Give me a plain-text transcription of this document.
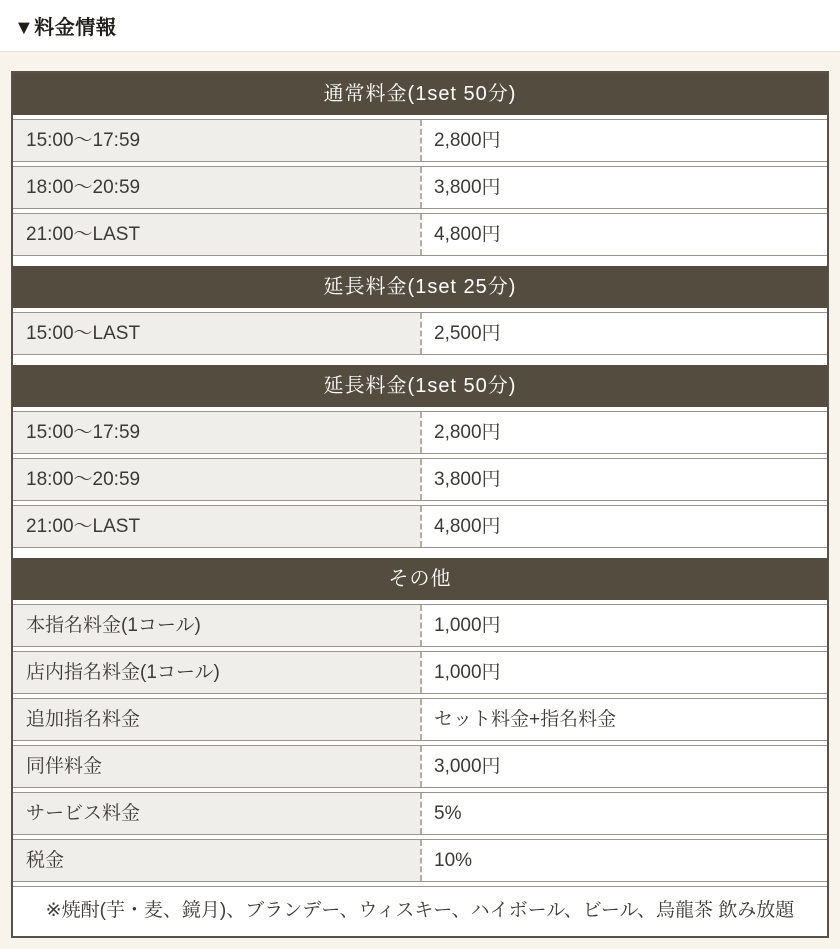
▼料金情報
通常料金(1set 50分)
15:00〜17:59	2,800円
18:00〜20:59	3,800円
21:00〜LAST	4,800円
延長料金(1set 25分)
15:00〜LAST	2,500円
延長料金(1set 50分)
15:00〜17:59	2,800円
18:00〜20:59	3,800円
21:00〜LAST	4,800円
その他
本指名料金(1コール)	1,000円
店内指名料金(1コール)	1,000円
追加指名料金	セット料金+指名料金
同伴料金	3,000円
サービス料金	5%
税金	10%
※焼酎(芋・麦、鏡月)、ブランデー、ウィスキー、ハイボール、ビール、烏龍茶 飲み放題
